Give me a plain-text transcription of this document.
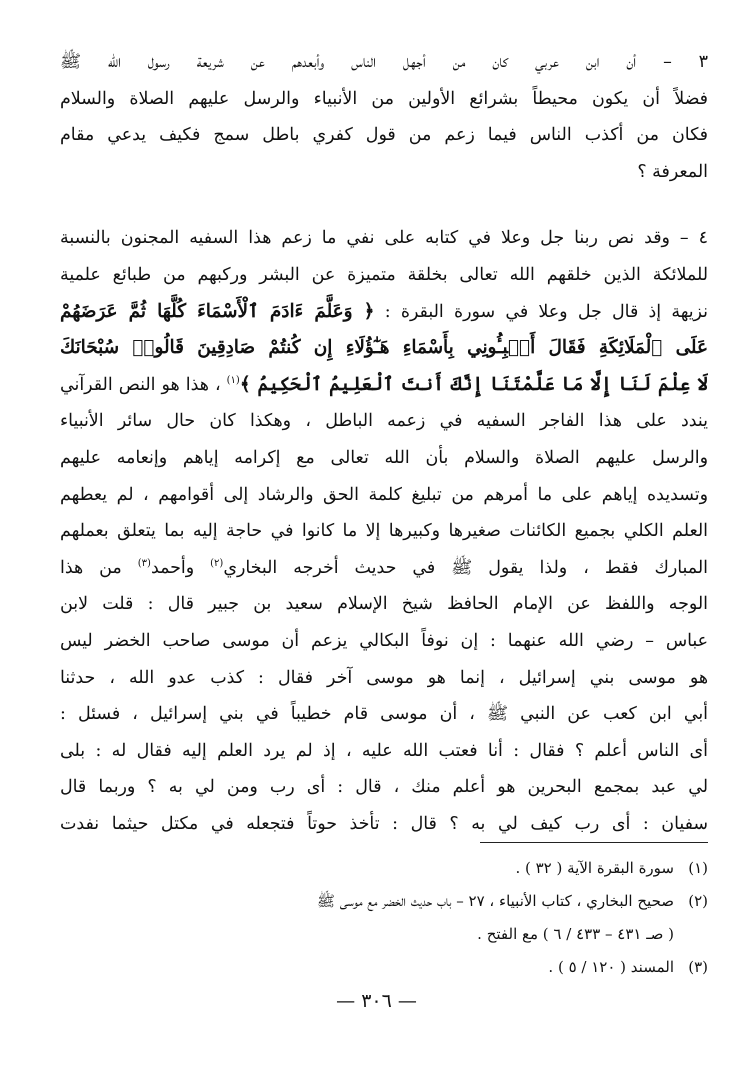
٣ – أن ابن عربي كان من أجهل الناس وأبعدهم عن شريعة رسول الله ﷺ
فضلاً أن يكون محيطاً بشرائع الأولين من الأنبياء والرسل عليهم الصلاة والسلام
فكان من أكذب الناس فيما زعم من قول كفري باطل سمج فكيف يدعي مقام
المعرفة ؟
٤ – وقد نص ربنا جل وعلا في كتابه على نفي ما زعم هذا السفيه المجنون بالنسبة
للملائكة الذين خلقهم الله تعالى بخلقة متميزة عن البشر وركبهم من طبائع علمية
نزيهة إذ قال جل وعلا في سورة البقرة : ﴿ وَعَلَّمَ ءَادَمَ ٱلْأَسْمَاءَ كُلَّهَا ثُمَّ عَرَضَهُمْ
عَلَى ٱلْمَلَائِكَةِ فَقَالَ أَنۢبِـُٔونِي بِأَسْمَاءِ هَـٰٓؤُلَاءِ إِن كُنتُمْ صَادِقِينَ قَالُوا۟ سُبْحَانَكَ
لَا عِلْمَ لَنَا إِلَّا مَا عَلَّمْتَنَا إِنَّكَ أَنتَ ٱلْعَلِيمُ ٱلْحَكِيمُ ﴾$^{(١)}$ ، هذا هو النص القرآني
يندد على هذا الفاجر السفيه في زعمه الباطل ، وهكذا كان حال سائر الأنبياء
والرسل عليهم الصلاة والسلام بأن الله تعالى مع إكرامه إياهم وإنعامه عليهم
وتسديده إياهم على ما أمرهم من تبليغ كلمة الحق والرشاد إلى أقوامهم ، لم يعطهم
العلم الكلي بجميع الكائنات صغيرها وكبيرها إلا ما كانوا في حاجة إليه بما يتعلق بعملهم
المبارك فقط ، ولذا يقول ﷺ في حديث أخرجه البخاري$^{(٢)}$ وأحمد$^{(٣)}$ من هذا
الوجه واللفظ عن الإمام الحافظ شيخ الإسلام سعيد بن جبير قال : قلت لابن
عباس – رضي الله عنهما : إن نوفاً البكالي يزعم أن موسى صاحب الخضر ليس
هو موسى بني إسرائيل ، إنما هو موسى آخر فقال : كذب عدو الله ، حدثنا
أبي ابن كعب عن النبي ﷺ ، أن موسى قام خطيباً في بني إسرائيل ، فسئل :
أى الناس أعلم ؟ فقال : أنا فعتب الله عليه ، إذ لم يرد العلم إليه فقال له : بلى
لي عبد بمجمع البحرين هو أعلم منك ، قال : أى رب ومن لي به ؟ وربما قال
سفيان : أى رب كيف لي به ؟ قال : تأخذ حوتاً فتجعله في مكتل حيثما نفدت
(١)
سورة البقرة الآية ( ٣٢ ) .
(٢)
صحيح البخاري ، كتاب الأنبياء ، ٢٧ – باب حديث الخضر مع موسى ﷺ
( صـ ٤٣١ – ٤٣٣ / ٦ ) مع الفتح .
(٣)
المسند ( ١٢٠ / ٥ ) .
— ٣٠٦ —
